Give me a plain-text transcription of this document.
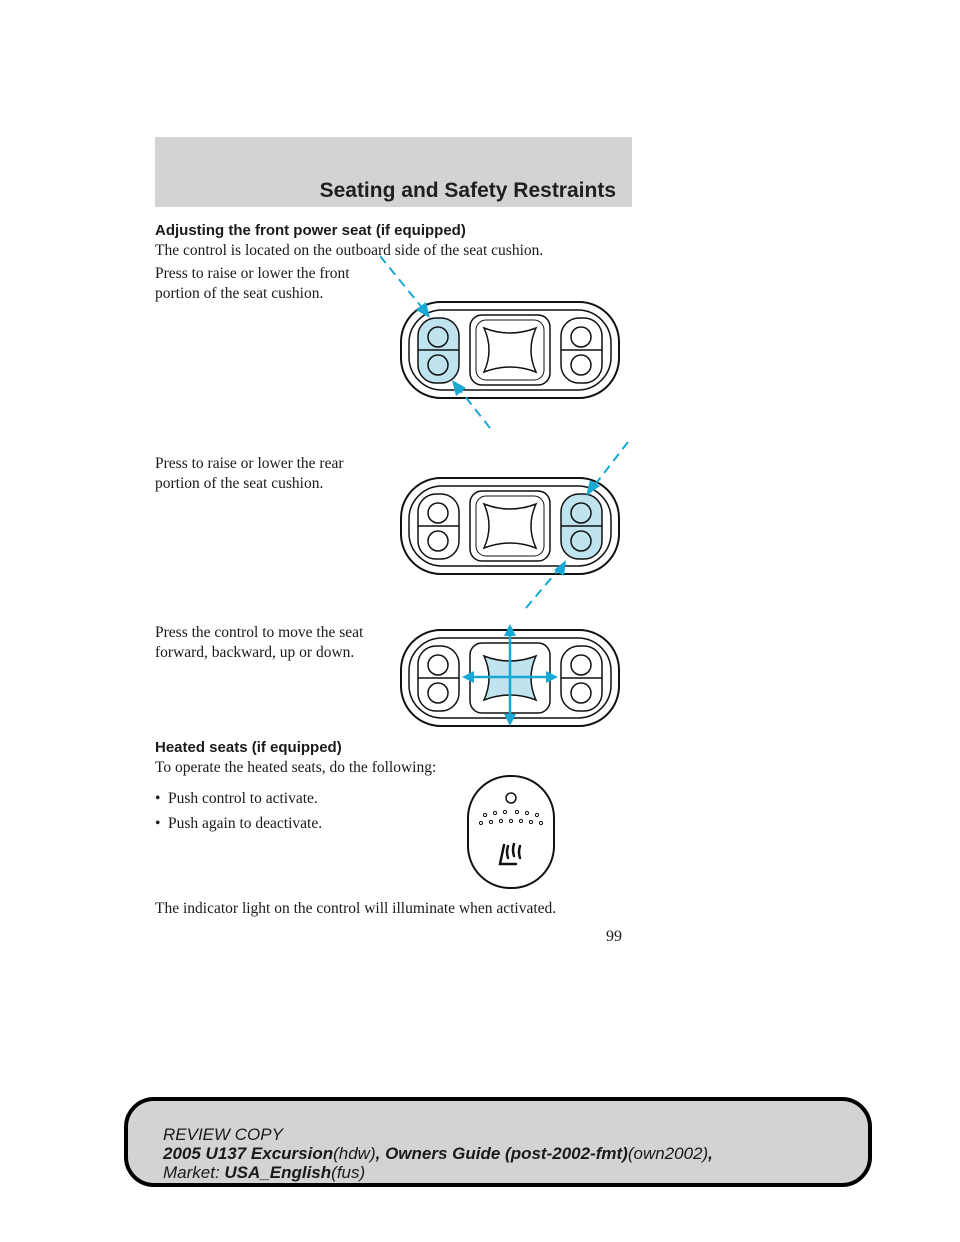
Seating and Safety Restraints
Adjusting the front power seat (if equipped)
The control is located on the outboard side of the seat cushion.
Press to raise or lower the front portion of the seat cushion.
Press to raise or lower the rear portion of the seat cushion.
Press the control to move the seat forward, backward, up or down.
Heated seats (if equipped)
To operate the heated seats, do the following:
• Push control to activate.
• Push again to deactivate.
The indicator light on the control will illuminate when activated.
99
REVIEW COPY
2005 U137 Excursion(hdw), Owners Guide (post-2002-fmt)(own2002),
Market: USA_English(fus)
